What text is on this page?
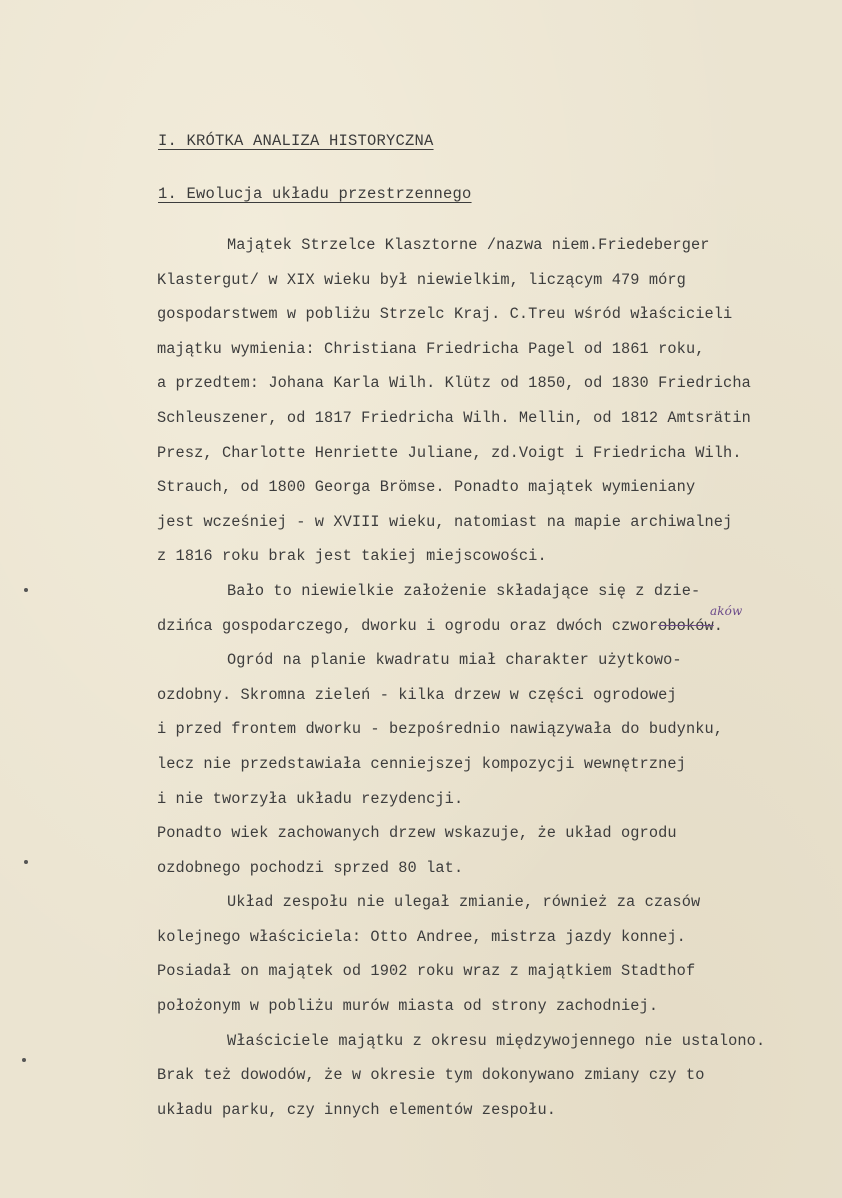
I. KRÓTKA ANALIZA HISTORYCZNA
1. Ewolucja układu przestrzennego
Majątek Strzelce Klasztorne /nazwa niem.Friedeberger
Klastergut/ w XIX wieku był niewielkim, liczącym 479 mórg
gospodarstwem w pobliżu Strzelc Kraj. C.Treu wśród właścicieli
majątku wymienia: Christiana Friedricha Pagel od 1861 roku,
a przedtem: Johana Karla Wilh. Klütz od 1850, od 1830 Friedricha
Schleuszener, od 1817 Friedricha Wilh. Mellin, od 1812 Amtsrätin
Presz, Charlotte Henriette Juliane, zd.Voigt i Friedricha Wilh.
Strauch, od 1800 Georga Brömse. Ponadto majątek wymieniany
jest wcześniej - w XVIII wieku, natomiast na mapie archiwalnej
z 1816 roku brak jest takiej miejscowości.
Bało to niewielkie założenie składające się z dzie-
dzińca gospodarczego, dworku i ogrodu oraz dwóch czworoboków.
aków
Ogród na planie kwadratu miał charakter użytkowo-
ozdobny. Skromna zieleń - kilka drzew w części ogrodowej
i przed frontem dworku - bezpośrednio nawiązywała do budynku,
lecz nie przedstawiała cenniejszej kompozycji wewnętrznej
i nie tworzyła układu rezydencji.
Ponadto wiek zachowanych drzew wskazuje, że układ ogrodu
ozdobnego pochodzi sprzed 80 lat.
Układ zespołu nie ulegał zmianie, również za czasów
kolejnego właściciela: Otto Andree, mistrza jazdy konnej.
Posiadał on majątek od 1902 roku wraz z majątkiem Stadthof
położonym w pobliżu murów miasta od strony zachodniej.
Właściciele majątku z okresu międzywojennego nie ustalono.
Brak też dowodów, że w okresie tym dokonywano zmiany czy to
układu parku, czy innych elementów zespołu.
